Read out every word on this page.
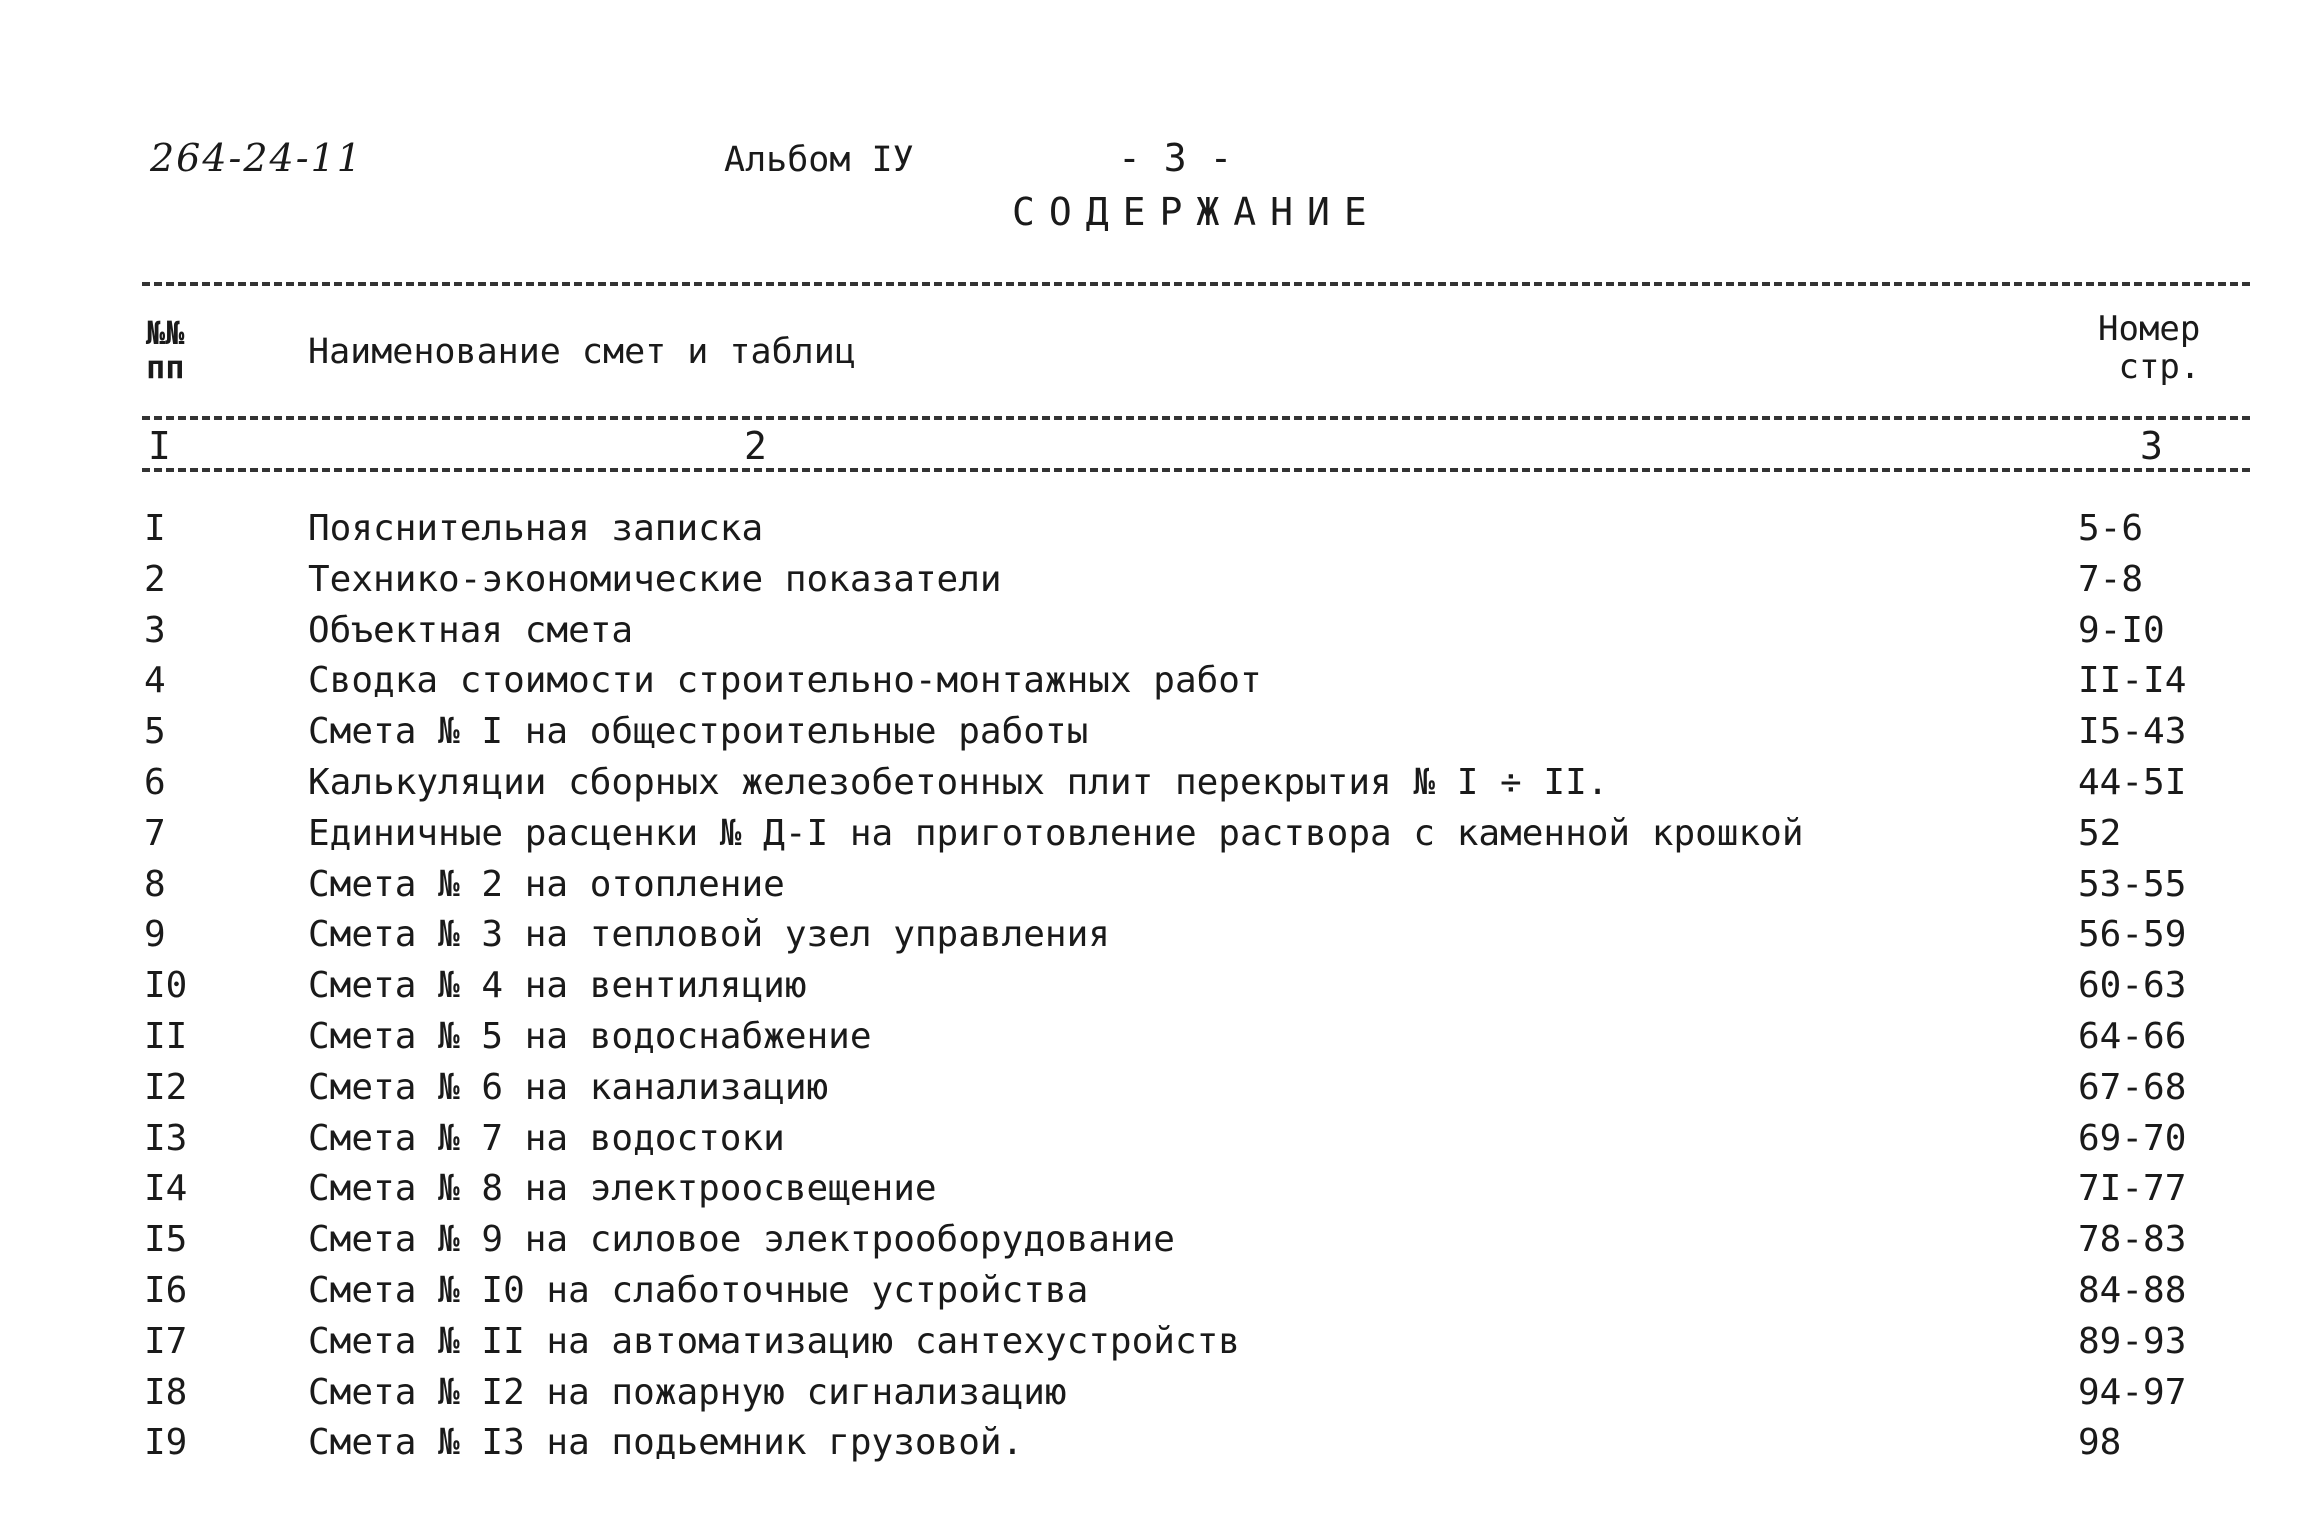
264-24-11	Альбом IУ	- 3 -
СОДЕРЖАНИЕ
№№
пп	Наименование смет и таблиц
Номер
стр.
I	2	3
I	Пояснительная записка	5-6
2	Технико-экономические показатели	7-8
3	Объектная смета	9-I0
4	Сводка стоимости строительно-монтажных работ	II-I4
5	Смета № I на общестроительные работы	I5-43
6	Калькуляции сборных железобетонных плит перекрытия № I ÷ II.	44-5I
7	Единичные расценки № Д-I на приготовление раствора с каменной крошкой	52
8	Смета № 2 на отопление	53-55
9	Смета № 3 на тепловой узел управления	56-59
I0	Смета № 4 на вентиляцию	60-63
II	Смета № 5 на водоснабжение	64-66
I2	Смета № 6 на канализацию	67-68
I3	Смета № 7 на водостоки	69-70
I4	Смета № 8 на электроосвещение	7I-77
I5	Смета № 9 на силовое электрооборудование	78-83
I6	Смета № I0 на слаботочные устройства	84-88
I7	Смета № II на автоматизацию сантехустройств	89-93
I8	Смета № I2 на пожарную сигнализацию	94-97
I9	Смета № I3 на подьемник грузовой.	98
